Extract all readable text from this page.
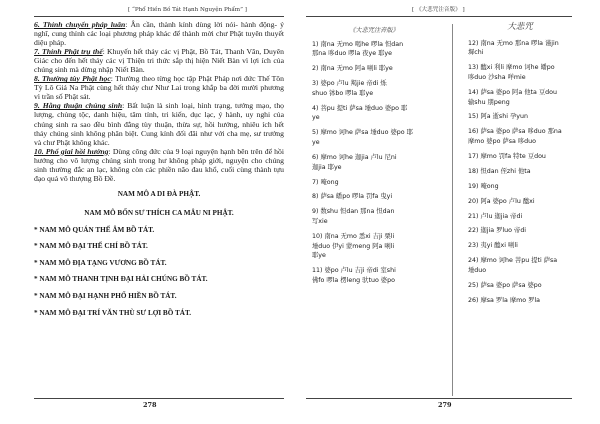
[ “Phổ Hiền Bồ Tát Hạnh Nguyện Phẩm” ]

6. Thỉnh chuyển pháp luân: Ân cần, thành kính dùng lời nói- hành động- ý nghĩ, cung thỉnh các loại phương pháp khác để thành mời chư Phật tuyên thuyết diệu pháp.

7. Thỉnh Phật trụ thế: Khuyến hết thảy các vị Phật, Bồ Tát, Thanh Văn, Duyên Giác cho đến hết thảy các vị Thiện tri thức sắp thị hiện Niết Bàn vì lợi ích của chúng sinh mà dừng nhập Niết Bàn.

8. Thường tùy Phật học: Thường theo từng học tập Phật Pháp nơi đức Thế Tôn Tỳ Lô Giá Na Phật cùng hết thảy chư Như Lai trong khắp ba đời mười phương vì trần số Phật sát.

9. Hằng thuận chúng sinh: Bất luận là sinh loại, hình trạng, tướng mạo, thọ lượng, chủng tộc, danh hiệu, tâm tính, tri kiến, dục lạc, ý hành, uy nghi của chúng sinh ra sao đều bình đẳng tùy thuận, thừa sự, hồi hướng, nhiêu ích hết thảy chúng sinh không phân biệt. Cung kính đối đãi như với cha mẹ, sư trưởng và chư Phật không khác.

10. Phổ giai hồi hướng: Dùng công đức của 9 loại nguyện hạnh bên trên để hồi hướng cho vô lượng chúng sinh trong hư không pháp giới, nguyện cho chúng sinh thường đắc an lạc, không còn các phiền não đau khổ, cuối cùng thành tựu đạo quả vô thượng Bồ Đề.

NAM MÔ A DI ĐÀ PHẬT.

NAM MÔ BỔN SƯ THÍCH CA MÂU NI PHẬT.

* NAM MÔ QUÁN THẾ ÂM BỒ TÁT.

* NAM MÔ ĐẠI THẾ CHÍ BỒ TÁT.

* NAM MÔ ĐỊA TẠNG VƯƠNG BỒ TÁT.

* NAM MÔ THANH TỊNH ĐẠI HẢI CHÚNG BỒ TÁT.

* NAM MÔ ĐẠI HẠNH PHỔ HIỀN BỒ TÁT.

* NAM MÔ ĐẠI TRÍ VĂN THÙ SƯ LỢI BỒ TÁT.

278
[ 《大悲咒注音版》 ]
《大悲咒注音版》
1) 南na 无mo 喝he 啰la 怛dan
那na 哆duo 啰la 夜ye 耶ye
2) 南na 无mo 阿a 唎li 耶ye
3) 婆po 卢lu 羯jie 帝di 烁
shuo 钵bo 啰la 耶ye
4) 菩pu 提ti 萨sa 埵duo 婆po 耶
ye
5) 摩mo 诃he 萨sa 埵duo 婆po 耶
ye
6) 摩mo 诃he 迦jia 卢lu 尼ni
迦jia 耶ye
7) 唵ong
8) 萨sa 皤po 啰la 罚fa 曳yi
9) 数shu 怛dan 那na 怛dan
写xie
10) 南na 无mo 悉xi 吉ji 栗li
埵duo 伊yi 蒙meng 阿a 唎li
耶ye
11) 婆po 卢lu 吉ji 帝di 室shi
佛fo 啰la 楞leng 驮tuo 婆po
大悲咒
12) 南na 无mo 那na 啰la 谨jin
墀chi
13) 醯xi 利li 摩mo 诃he 皤po
哆duo 沙sha 咩mie
14) 萨sa 婆po 阿a 他ta 豆dou
输shu 朋peng
15) 阿a 逝shi 孕yun
16) 萨sa 婆po 萨sa 哆duo 那na
摩mo 婆po 萨sa 哆duo
17) 摩mo 罚fa 特te 豆dou
18) 怛dan 侄zhi 他ta
19) 唵ong
20) 阿a 婆po 卢lu 醯xi
21) 卢lu 迦jia 帝di
22) 迦jia 罗luo 帝di
23) 夷yi 醯xi 唎li
24) 摩mo 诃he 菩pu 提ti 萨sa
埵duo
25) 萨sa 婆po 萨sa 婆po
26) 摩sa 罗la 摩mo 罗la
279
